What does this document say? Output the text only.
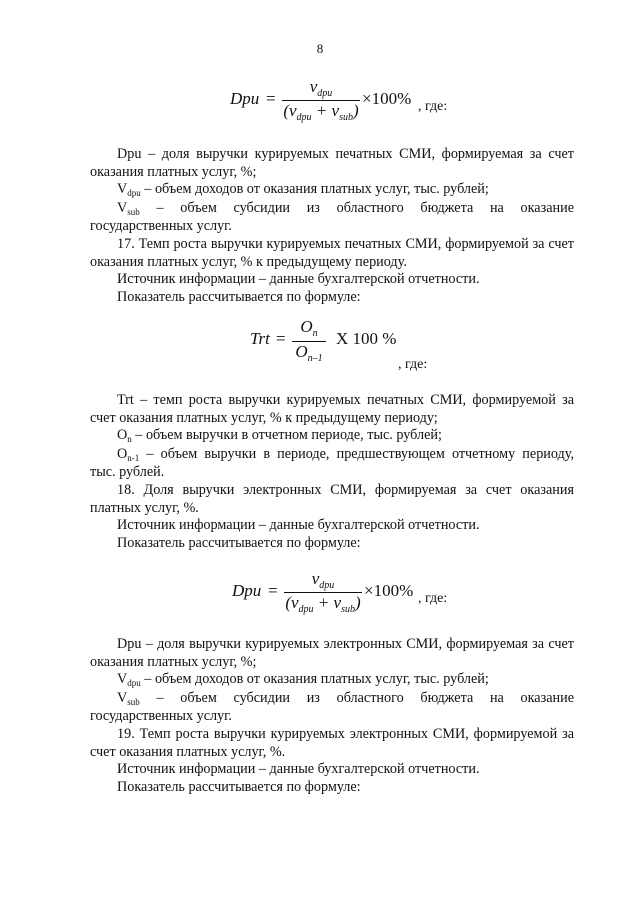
8
Dpu =
$v_{dpu}$
$(v_{dpu} + v_{sub})$
×100% , где:

Dpu – доля выручки курируемых печатных СМИ, формируемая за счет оказания платных услуг, %;

$V_{dpu}$ – объем доходов от оказания платных услуг, тыс. рублей;

$V_{sub}$ – объем субсидии из областного бюджета на оказание государственных услуг.

17. Темп роста выручки курируемых печатных СМИ, формируемой за счет оказания платных услуг, % к предыдущему периоду.

Источник информации – данные бухгалтерской отчетности.

Показатель рассчитывается по формуле:

Trt =
$O_n$
$O_{n-1}$
X 100 %
, где:

Trt – темп роста выручки курируемых печатных СМИ, формируемой за счет оказания платных услуг, % к предыдущему периоду;

$O_n$ – объем выручки в отчетном периоде, тыс. рублей;

$O_{n-1}$ – объем выручки в периоде, предшествующем отчетному периоду, тыс. рублей.

18. Доля выручки электронных СМИ, формируемая за счет оказания платных услуг, %.

Источник информации – данные бухгалтерской отчетности.

Показатель рассчитывается по формуле:

Dpu =
$v_{dpu}$
$(v_{dpu} + v_{sub})$
×100% , где:

Dpu – доля выручки курируемых электронных СМИ, формируемая за счет оказания платных услуг, %;

$V_{dpu}$ – объем доходов от оказания платных услуг, тыс. рублей;

$V_{sub}$ – объем субсидии из областного бюджета на оказание государственных услуг.

19. Темп роста выручки курируемых электронных СМИ, формируемой за счет оказания платных услуг, %.

Источник информации – данные бухгалтерской отчетности.

Показатель рассчитывается по формуле:
